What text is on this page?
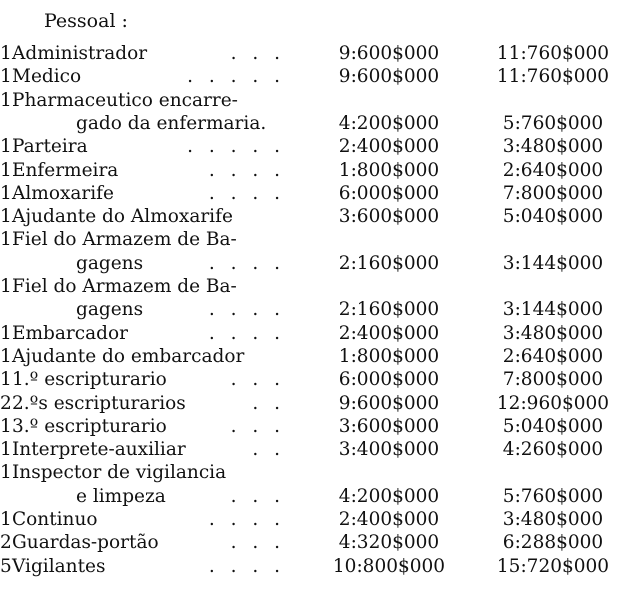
Pessoal :
1 Administrador	. . .	9:600$000	11:760$000
1 Medico	. . . . .	9:600$000	11:760$000
1 Pharmaceutico encarre-
gado da enfermaria.	4:200$000	5:760$000
1 Parteira	. . . . .	2:400$000	3:480$000
1 Enfermeira	. . . .	1:800$000	2:640$000
1 Almoxarife	. . . .	6:000$000	7:800$000
1 Ajudante do Almoxarife	3:600$000	5:040$000
1 Fiel do Armazem de Ba-
gagens	. . . .	2:160$000	3:144$000
1 Fiel do Armazem de Ba-
gagens	. . . .	2:160$000	3:144$000
1 Embarcador	. . . .	2:400$000	3:480$000
1 Ajudante do embarcador	1:800$000	2:640$000
1 1.º escripturario	. . .	6:000$000	7:800$000
2 2.ºs escripturarios	. .	9:600$000	12:960$000
1 3.º escripturario	. . .	3:600$000	5:040$000
1 Interprete-auxiliar	. .	3:400$000	4:260$000
1 Inspector de vigilancia
e limpeza	. . .	4:200$000	5:760$000
1 Continuo	. . . .	2:400$000	3:480$000
2 Guardas-portão	. . .	4:320$000	6:288$000
5 Vigilantes	. . . .	10:800$000	15:720$000
